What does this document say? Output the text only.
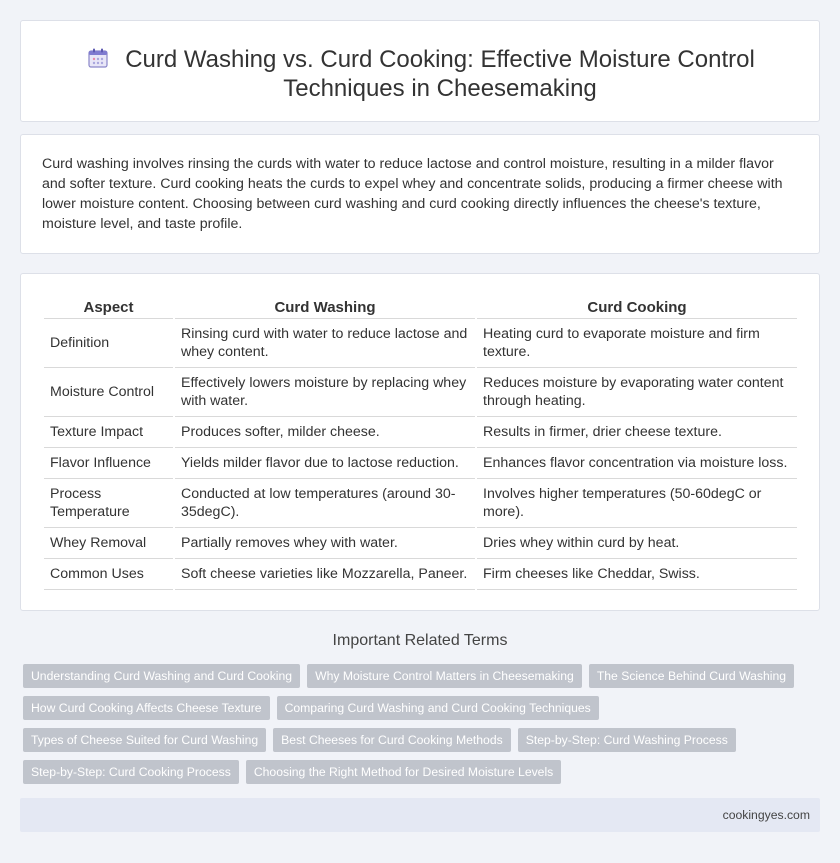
Curd Washing vs. Curd Cooking: Effective Moisture Control Techniques in Cheesemaking

Curd washing involves rinsing the curds with water to reduce lactose and control moisture, resulting in a milder flavor and softer texture. Curd cooking heats the curds to expel whey and concentrate solids, producing a firmer cheese with lower moisture content. Choosing between curd washing and curd cooking directly influences the cheese's texture, moisture level, and taste profile.

Aspect	Curd Washing	Curd Cooking
Definition	Rinsing curd with water to reduce lactose and whey content.	Heating curd to evaporate moisture and firm texture.
Moisture Control	Effectively lowers moisture by replacing whey with water.	Reduces moisture by evaporating water content through heating.
Texture Impact	Produces softer, milder cheese.	Results in firmer, drier cheese texture.
Flavor Influence	Yields milder flavor due to lactose reduction.	Enhances flavor concentration via moisture loss.
Process Temperature	Conducted at low temperatures (around 30-35degC).	Involves higher temperatures (50-60degC or more).
Whey Removal	Partially removes whey with water.	Dries whey within curd by heat.
Common Uses	Soft cheese varieties like Mozzarella, Paneer.	Firm cheeses like Cheddar, Swiss.
Important Related Terms
Understanding Curd Washing and Curd Cooking	Why Moisture Control Matters in Cheesemaking	The Science Behind Curd Washing
How Curd Cooking Affects Cheese Texture	Comparing Curd Washing and Curd Cooking Techniques
Types of Cheese Suited for Curd Washing	Best Cheeses for Curd Cooking Methods	Step-by-Step: Curd Washing Process
Step-by-Step: Curd Cooking Process	Choosing the Right Method for Desired Moisture Levels
cookingyes.com
